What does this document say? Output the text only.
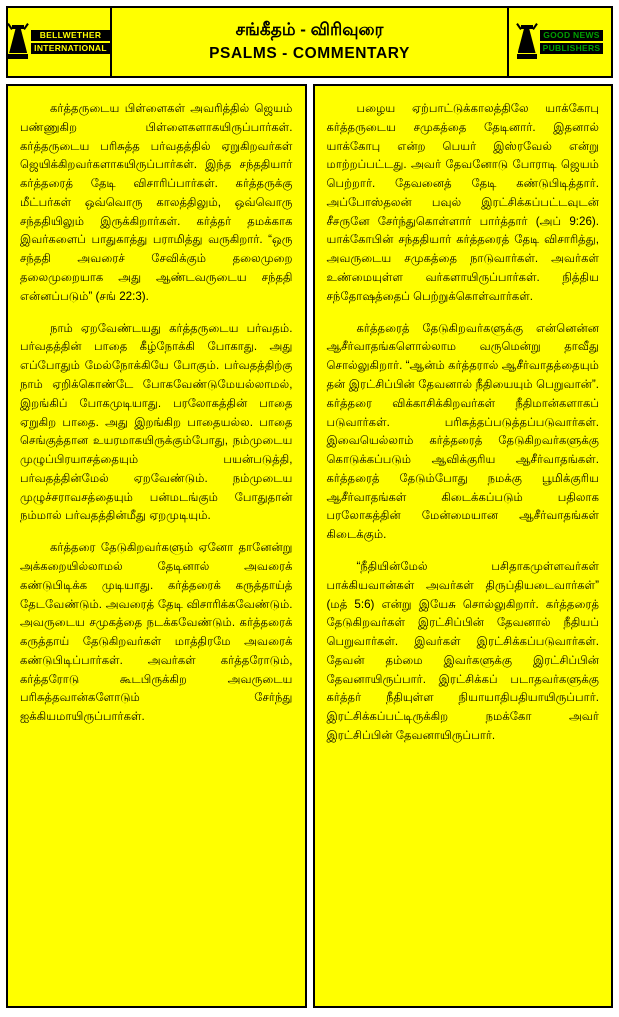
BELLWETHER
INTERNATIONAL
சங்கீதம் - விரிவுரை
PSALMS - COMMENTARY
GOOD NEWS
PUBLISHERS

கர்த்தருடைய பிள்ளைகள் அவரித்தில் ஜெயம் பண்ணுகிற பிள்ளைகளாகயிருப்பார்கள். கர்த்தருடைய பரிசுத்த பர்வதத்தில் ஏறுகிறவர்கள் ஜெயிக்கிறவர்களாகயிருப்பார்கள். இந்த சந்ததியார் கர்த்தரைத் தேடி விசாரிப்பார்கள். கர்த்தருக்கு மீட்பர்கள் ஒவ்வொரு காலத்திலும், ஒவ்வொரு சந்ததியிலும் இருக்கிறார்கள். கர்த்தர் தமக்காக இவர்களைப் பாதுகாத்து பராமித்து வருகிறார். “ஒரு சந்ததி அவரைச் சேவிக்கும் தலைமுறை தலைமுறையாக அது ஆண்டவருடைய சந்ததி என்னப்படும்” (சங் 22:3).

நாம் ஏறவேண்டயது கர்த்தருடைய பர்வதம். பர்வதத்தின் பாதை கீழ்நோக்கி போகாது. அது எப்போதும் மேல்நோக்கியே போகும். பர்வதத்திற்கு நாம் ஏறிக்கொண்டே போகவேண்டுமேயல்லாமல், இறங்கிப் போகமுடியாது. பரலோகத்தின் பாதை ஏறுகிற பாதை. அது இறங்கிற பாதையல்ல. பாதை செங்குத்தான உயரமாகயிருக்கும்போது, நம்முடைய முழுப்பிரயாசத்தையும் பயன்படுத்தி, பர்வதத்தின்மேல் ஏறவேண்டும். நம்முடைய முழுச்சராவசத்தையும் பன்மடங்கும் போதுதான் நம்மால் பர்வதத்தின்மீது ஏறமுடியும்.

கர்த்தரை தேடுகிறவர்களும் ஏனோ தானேன்று அக்கறையில்லாமல் தேடினால் அவரைக் கண்டுபிடிக்க முடியாது. கர்த்தரைக் கருத்தாய்த் தேடவேண்டும். அவரைத் தேடி விசாரிக்கவேண்டும். அவருடைய சமுகத்தை நடக்கவேண்டும். கர்த்தரைக் கருத்தாய் தேடுகிறவர்கள் மாத்திரமே அவரைக் கண்டுபிடிப்பார்கள். அவர்கள் கர்த்தரோடும், கர்த்தரோடு கூடபிருக்கிற அவருடைய பரிசுத்தவான்களோடும் சேர்ந்து ஐக்கியமாயிருப்பார்கள்.

பழைய ஏற்பாட்டுக்காலத்திலே யாக்கோபு கர்த்தருடைய சமுகத்தை தேடினார். இதனால் யாக்கோபு என்ற பெயர் இஸ்ரவேல் என்று மாற்றப்பட்டது. அவர் தேவனோடு போராடி ஜெயம் பெற்றார். தேவனைத் தேடி கண்டுபிடித்தார். அப்போஸ்தலன் பவுல் இரட்சிக்கப்பட்டவுடன் சீசருனே சேர்ந்துகொள்ளார் பார்த்தார் (அப் 9:26). யாக்கோபின் சந்ததியார் கர்த்தரைத் தேடி விசாரித்து, அவருடைய சமுகத்தை நாடுவார்கள். அவர்கள் உண்மையுள்ள வர்களாயிருப்பார்கள். நித்திய சந்தோஷத்தைப் பெற்றுக்கொள்வார்கள்.

கர்த்தரைத் தேடுகிறவர்களுக்கு என்னென்ன ஆசீர்வாதங்களொல்லாம வருமென்று தாவீது சொல்லுகிறார். “ஆன்ம் கர்த்தரால் ஆசீர்வாதத்தையும் தன் இரட்சிப்பின் தேவனால் நீதியையும் பெறுவான்”. கர்த்தரை விக்காசிக்கிறவர்கள் நீதிமான்களாகப் படுவார்கள். பரிசுத்தப்படுத்தப்படுவார்கள். இவையெல்லாம் கர்த்தரைத் தேடுகிறவர்களுக்கு கொடுக்கப்படும் ஆவிக்குரிய ஆசீர்வாதங்கள். கர்த்தரைத் தேடும்போது நமக்கு பூமிக்குரிய ஆசீர்வாதங்கள் கிடைக்கப்படும் பதிலாக பரலோகத்தின் மேன்மையான ஆசீர்வாதங்கள் கிடைக்கும்.

“நீதியின்மேல் பசிதாகமுள்ளவர்கள் பாக்கியவான்கள் அவர்கள் திருப்தியடைவார்கள்” (மத் 5:6) என்று இயேசு சொல்லுகிறார். கர்த்தரைத் தேடுகிறவர்கள் இரட்சிப்பின் தேவனால் நீதியப் பெறுவார்கள். இவர்கள் இரட்சிக்கப்படுவார்கள். தேவன் தம்மை இவர்களுக்கு இரட்சிப்பின் தேவனாயிருப்பார். இரட்சிக்கப் படாதவர்களுக்கு கர்த்தர் நீதியுள்ள நியாயாதிபதியாயிருப்பார். இரட்சிக்கப்பட்டிருக்கிற நமக்கோ அவர் இரட்சிப்பின் தேவனாயிருப்பார்.
